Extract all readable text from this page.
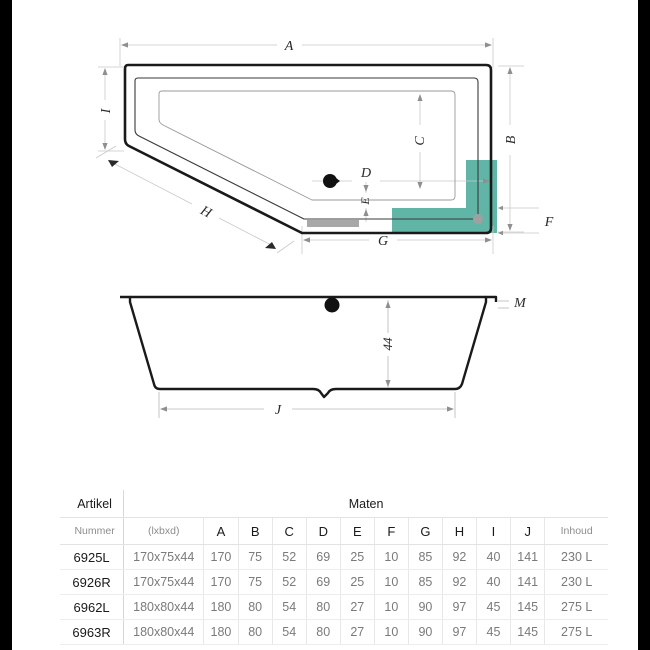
A
I
B
C
D
E
F
G
H
44
M
J
Artikel	Maten											
Nummer	(lxbxd)	A	B	C	D	E	F	G	H	I	J	Inhoud
6925L	170x75x44	170	75	52	69	25	10	85	92	40	141	230 L
6926R	170x75x44	170	75	52	69	25	10	85	92	40	141	230 L
6962L	180x80x44	180	80	54	80	27	10	90	97	45	145	275 L
6963R	180x80x44	180	80	54	80	27	10	90	97	45	145	275 L
